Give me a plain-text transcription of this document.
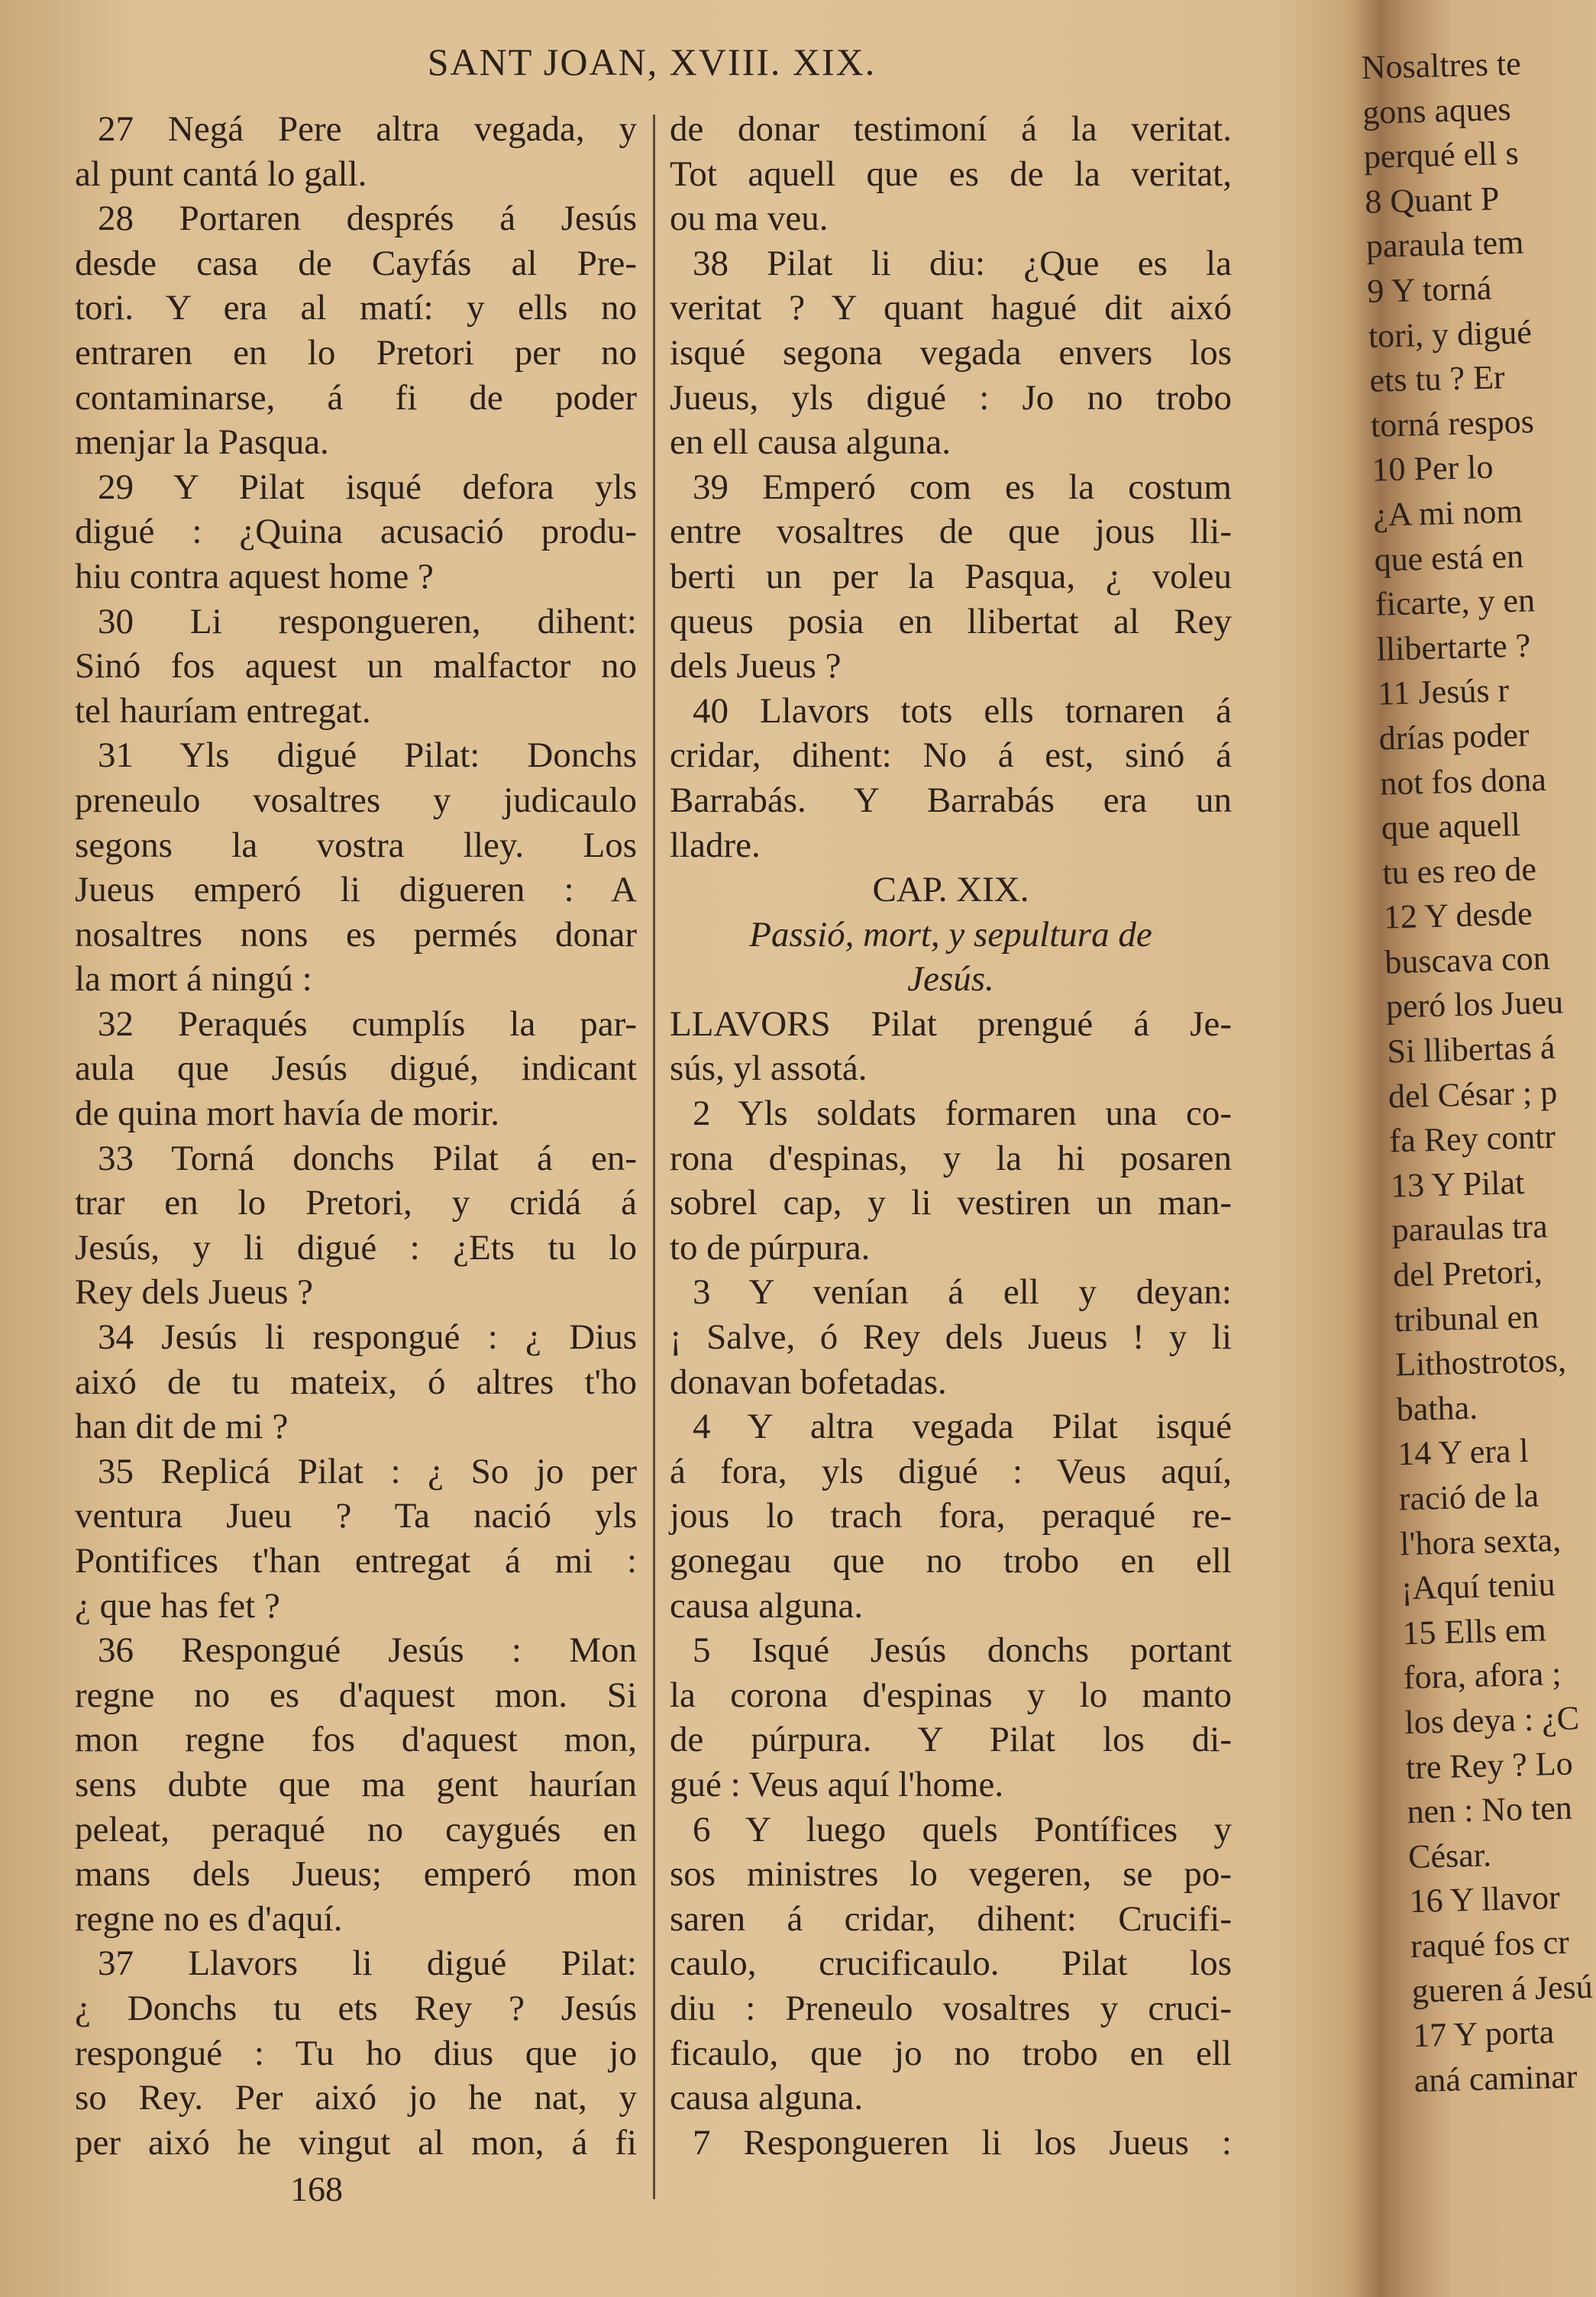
SANT JOAN, XVIII. XIX.
27 Negá Pere altra vegada, y
al punt cantá lo gall.
28 Portaren després á Jesús
desde casa de Cayfás al Pre-
tori. Y era al matí: y ells no
entraren en lo Pretori per no
contaminarse, á fi de poder
menjar la Pasqua.
29 Y Pilat isqué defora yls
digué : ¿Quina acusació produ-
hiu contra aquest home ?
30 Li respongueren, dihent:
Sinó fos aquest un malfactor no
tel hauríam entregat.
31 Yls digué Pilat: Donchs
preneulo vosaltres y judicaulo
segons la vostra lley. Los
Jueus emperó li digueren : A
nosaltres nons es permés donar
la mort á ningú :
32 Peraqués cumplís la par-
aula que Jesús digué, indicant
de quina mort havía de morir.
33 Torná donchs Pilat á en-
trar en lo Pretori, y cridá á
Jesús, y li digué : ¿Ets tu lo
Rey dels Jueus ?
34 Jesús li respongué : ¿ Dius
aixó de tu mateix, ó altres t'ho
han dit de mi ?
35 Replicá Pilat : ¿ So jo per
ventura Jueu ? Ta nació yls
Pontifices t'han entregat á mi :
¿ que has fet ?
36 Respongué Jesús : Mon
regne no es d'aquest mon. Si
mon regne fos d'aquest mon,
sens dubte que ma gent haurían
peleat, peraqué no caygués en
mans dels Jueus; emperó mon
regne no es d'aquí.
37 Llavors li digué Pilat:
¿ Donchs tu ets Rey ? Jesús
respongué : Tu ho dius que jo
so Rey. Per aixó jo he nat, y
per aixó he vingut al mon, á fi
de donar testimoní á la veritat.
Tot aquell que es de la veritat,
ou ma veu.
38 Pilat li diu: ¿Que es la
veritat ? Y quant hagué dit aixó
isqué segona vegada envers los
Jueus, yls digué : Jo no trobo
en ell causa alguna.
39 Emperó com es la costum
entre vosaltres de que jous lli-
berti un per la Pasqua, ¿ voleu
queus posia en llibertat al Rey
dels Jueus ?
40 Llavors tots ells tornaren á
cridar, dihent: No á est, sinó á
Barrabás. Y Barrabás era un
lladre.
CAP. XIX.
Passió, mort, y sepultura de
Jesús.
LLAVORS Pilat prengué á Je-
sús, yl assotá.
2 Yls soldats formaren una co-
rona d'espinas, y la hi posaren
sobrel cap, y li vestiren un man-
to de púrpura.
3 Y venían á ell y deyan:
¡ Salve, ó Rey dels Jueus ! y li
donavan bofetadas.
4 Y altra vegada Pilat isqué
á fora, yls digué : Veus aquí,
jous lo trach fora, peraqué re-
gonegau que no trobo en ell
causa alguna.
5 Isqué Jesús donchs portant
la corona d'espinas y lo manto
de púrpura. Y Pilat los di-
gué : Veus aquí l'home.
6 Y luego quels Pontífices y
sos ministres lo vegeren, se po-
saren á cridar, dihent: Crucifi-
caulo, crucificaulo. Pilat los
diu : Preneulo vosaltres y cruci-
ficaulo, que jo no trobo en ell
causa alguna.
7 Respongueren li los Jueus :
168
Nosaltres te
gons aques
perqué ell s
8 Quant P
paraula tem
9 Y torná
tori, y digué
ets tu ? Er
torná respos
10 Per lo
¿A mi nom
que está en
ficarte, y en
llibertarte ?
11 Jesús r
drías poder
not fos dona
que aquell
tu es reo de
12 Y desde
buscava con
peró los Jueu
Si llibertas á
del César ; p
fa Rey contr
13 Y Pilat
paraulas tra
del Pretori,
tribunal en
Lithostrotos,
batha.
14 Y era l
ració de la
l'hora sexta,
¡Aquí teniu
15 Ells em
fora, afora ;
los deya : ¿C
tre Rey ? Lo
nen : No ten
César.
16 Y llavor
raqué fos cr
gueren á Jesú
17 Y porta
aná caminar
